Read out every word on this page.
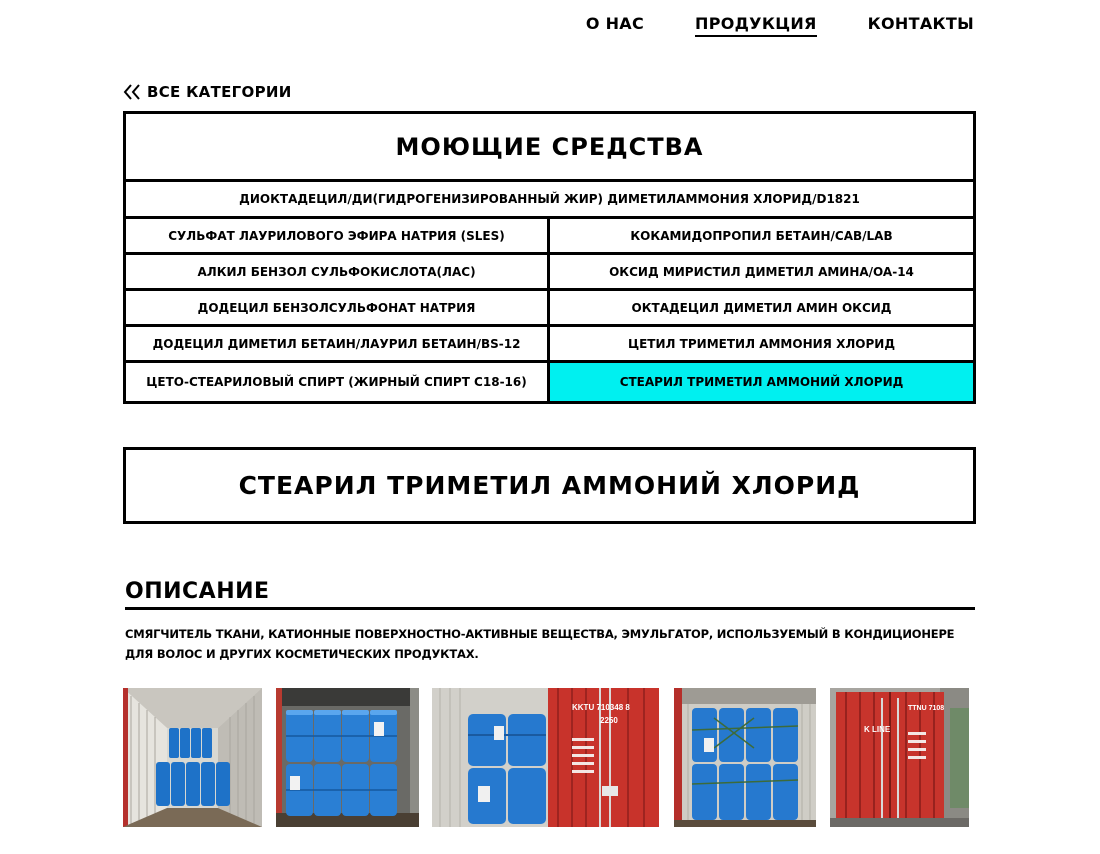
О НАС	ПРОДУКЦИЯ	КОНТАКТЫ
ВСЕ КАТЕГОРИИ
МОЮЩИЕ СРЕДСТВА
ДИОКТАДЕЦИЛ/ДИ(ГИДРОГЕНИЗИРОВАННЫЙ ЖИР) ДИМЕТИЛАММОНИЯ ХЛОРИД/D1821
СУЛЬФАТ ЛАУРИЛОВОГО ЭФИРА НАТРИЯ (SLES)	КОКАМИДОПРОПИЛ БЕТАИН/CAB/LAB
АЛКИЛ БЕНЗОЛ СУЛЬФОКИСЛОТА(ЛАС)	ОКСИД МИРИСТИЛ ДИМЕТИЛ АМИНА/OA-14
ДОДЕЦИЛ БЕНЗОЛСУЛЬФОНАТ НАТРИЯ	ОКТАДЕЦИЛ ДИМЕТИЛ АМИН ОКСИД
ДОДЕЦИЛ ДИМЕТИЛ БЕТАИН/ЛАУРИЛ БЕТАИН/BS-12	ЦЕТИЛ ТРИМЕТИЛ АММОНИЯ ХЛОРИД
ЦЕТО-СТЕАРИЛОВЫЙ СПИРТ (ЖИРНЫЙ СПИРТ C18-16)	СТЕАРИЛ ТРИМЕТИЛ АММОНИЙ ХЛОРИД
СТЕАРИЛ ТРИМЕТИЛ АММОНИЙ ХЛОРИД
ОПИСАНИЕ
СМЯГЧИТЕЛЬ ТКАНИ, КАТИОННЫЕ ПОВЕРХНОСТНО-АКТИВНЫЕ ВЕЩЕСТВА, ЭМУЛЬГАТОР, ИСПОЛЬЗУЕМЫЙ В КОНДИЦИОНЕРЕ ДЛЯ ВОЛОС И ДРУГИХ КОСМЕТИЧЕСКИХ ПРОДУКТАХ.
KKTU 710348 8
2250
K LINE
TTNU 7108
